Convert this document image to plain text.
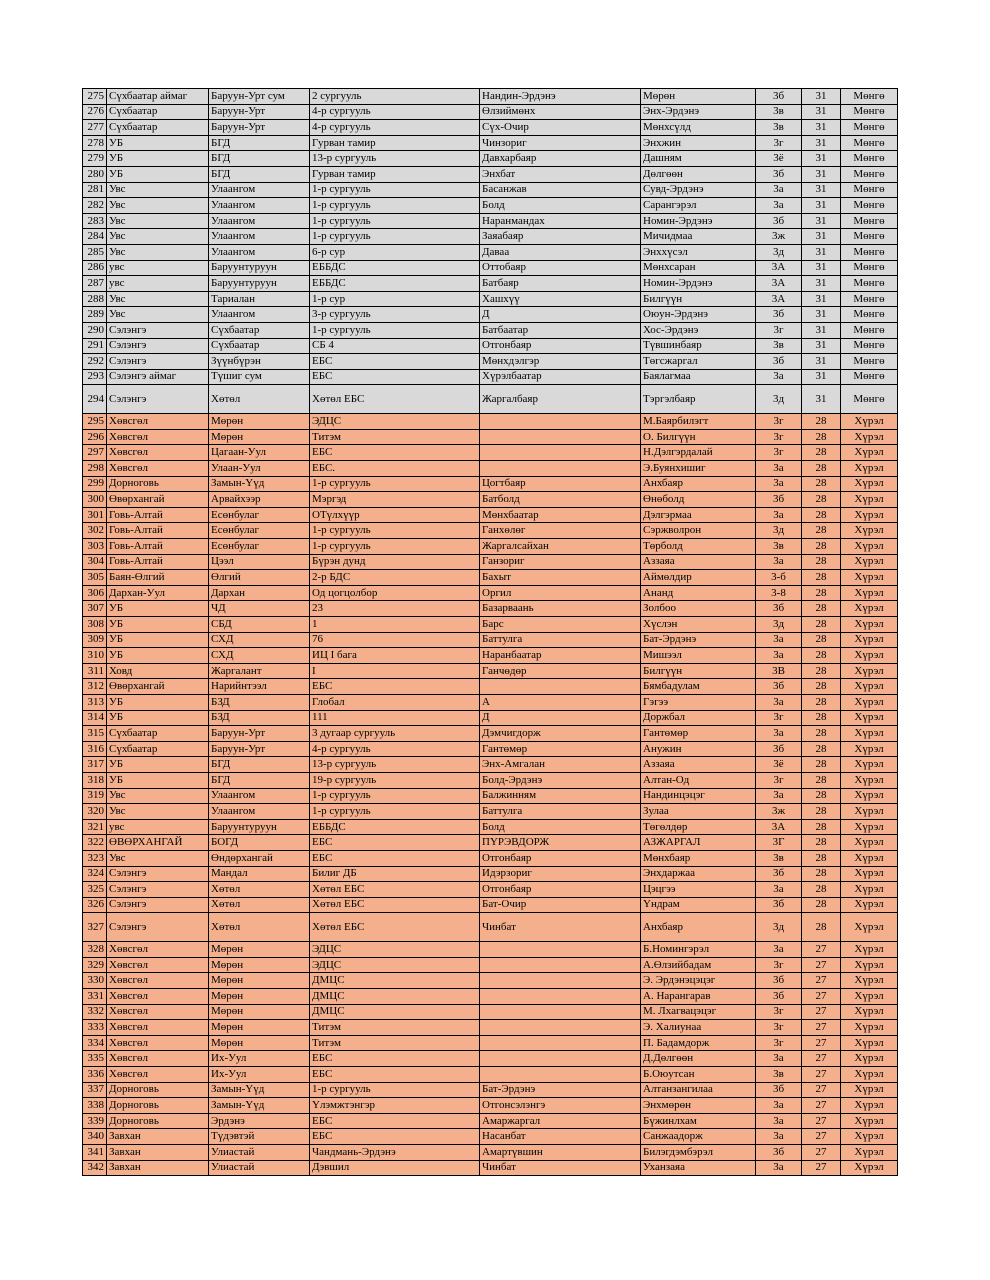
275	Сүхбаатар аймаг	Баруун-Урт сум	2 сургууль	Нандин-Эрдэнэ	Мөрөн	3б	31	Мөнгө
276	Сүхбаатар	Баруун-Урт	4-р сургууль	Өлзиймөнх	Энх-Эрдэнэ	3в	31	Мөнгө
277	Сүхбаатар	Баруун-Урт	4-р сургууль	Сүх-Очир	Мөнхсүлд	3в	31	Мөнгө
278	УБ	БГД	Гурван тамир	Чинзориг	Энхжин	3г	31	Мөнгө
279	УБ	БГД	13-р сургууль	Давхарбаяр	Дашням	3ё	31	Мөнгө
280	УБ	БГД	Гурван тамир	Энхбат	Дөлгөөн	3б	31	Мөнгө
281	Увс	Улаангом	1-р сургууль	Басанжав	Сувд-Эрдэнэ	3а	31	Мөнгө
282	Увс	Улаангом	1-р сургууль	Болд	Сарангэрэл	3а	31	Мөнгө
283	Увс	Улаангом	1-р сургууль	Наранмандах	Номин-Эрдэнэ	3б	31	Мөнгө
284	Увс	Улаангом	1-р сургууль	Заяабаяр	Мичидмаа	3ж	31	Мөнгө
285	Увс	Улаангом	6-р сур	Даваа	Энххүсэл	3д	31	Мөнгө
286	увс	Баруунтуруун	ЕББДС	Оттобаяр	Мөнхсаран	3А	31	Мөнгө
287	увс	Баруунтуруун	ЕББДС	Батбаяр	Номин-Эрдэнэ	3А	31	Мөнгө
288	Увс	Тариалан	1-р сур	Хашхүү	Билгүүн	3А	31	Мөнгө
289	Увс	Улаангом	3-р сургууль	Д	Оюун-Эрдэнэ	3б	31	Мөнгө
290	Сэлэнгэ	Сүхбаатар	1-р сургууль	Батбаатар	Хос-Эрдэнэ	3г	31	Мөнгө
291	Сэлэнгэ	Сүхбаатар	СБ 4	Отгонбаяр	Түвшинбаяр	3в	31	Мөнгө
292	Сэлэнгэ	Зүүнбүрэн	ЕБС	Мөнхдэлгэр	Төгсжаргал	3б	31	Мөнгө
293	Сэлэнгэ аймаг	Түшиг сум	ЕБС	Хүрэлбаатар	Баялагмаа	3а	31	Мөнгө
294	Сэлэнгэ	Хөтөл	Хөтөл ЕБС	Жаргалбаяр	Тэргэлбаяр	3д	31	Мөнгө
295	Хөвсгөл	Мөрөн	ЭДЦС		М.Баярбилэгт	3г	28	Хүрэл
296	Хөвсгөл	Мөрөн	Титэм		О. Билгүүн	3г	28	Хүрэл
297	Хөвсгөл	Цагаан-Уул	ЕБС		Н.Дэлгэрдалай	3г	28	Хүрэл
298	Хөвсгөл	Улаан-Уул	ЕБС.		Э.Буянхишиг	3а	28	Хүрэл
299	Дорноговь	Замын-Үүд	1-р сургууль	Цогтбаяр	Анхбаяр	3а	28	Хүрэл
300	Өвөрхангай	Арвайхээр	Мэргэд	Батболд	Өнөболд	3б	28	Хүрэл
301	Говь-Алтай	Есөнбулаг	ОТүлхүүр	Мөнхбаатар	Дэлгэрмаа	3а	28	Хүрэл
302	Говь-Алтай	Есөнбулаг	1-р сургууль	Ганхөлөг	Сэржволрон	3д	28	Хүрэл
303	Говь-Алтай	Есөнбулаг	1-р сургууль	Жаргалсайхан	Төрболд	3в	28	Хүрэл
304	Говь-Алтай	Цээл	Бүрэн дунд	Ганзориг	Аззаяа	3а	28	Хүрэл
305	Баян-Өлгий	Өлгий	2-р БДС	Бахыт	Аймөлдир	3-б	28	Хүрэл
306	Дархан-Уул	Дархан	Од цогцолбор	Оргил	Ананд	3-8	28	Хүрэл
307	УБ	ЧД	23	Базарваань	Золбоо	3б	28	Хүрэл
308	УБ	СБД	1	Барс	Хүслэн	3д	28	Хүрэл
309	УБ	СХД	76	Баттулга	Бат-Эрдэнэ	3а	28	Хүрэл
310	УБ	СХД	ИЦ I бага	Наранбаатар	Мишээл	3а	28	Хүрэл
311	Ховд	Жаргалант	I	Ганчөдөр	Билгүүн	3В	28	Хүрэл
312	Өвөрхангай	Нарийнтээл	ЕБС		Бямбадулам	3б	28	Хүрэл
313	УБ	БЗД	Глобал	А	Гэгээ	3а	28	Хүрэл
314	УБ	БЗД	111	Д	Доржбал	3г	28	Хүрэл
315	Сүхбаатар	Баруун-Урт	3 дугаар сургууль	Дэмчигдорж	Гантөмөр	3а	28	Хүрэл
316	Сүхбаатар	Баруун-Урт	4-р сургууль	Гантөмөр	Анужин	3б	28	Хүрэл
317	УБ	БГД	13-р сургууль	Энх-Амгалан	Аззаяа	3ё	28	Хүрэл
318	УБ	БГД	19-р сургууль	Болд-Эрдэнэ	Алтан-Од	3г	28	Хүрэл
319	Увс	Улаангом	1-р сургууль	Балжинням	Нандинцэцэг	3а	28	Хүрэл
320	Увс	Улаангом	1-р сургууль	Баттулга	Зулаа	3ж	28	Хүрэл
321	увс	Баруунтуруун	ЕББДС	Болд	Төгөлдөр	3А	28	Хүрэл
322	ӨВӨРХАНГАЙ	БОГД	ЕБС	ПҮРЭВДОРЖ	АЗЖАРГАЛ	3Г	28	Хүрэл
323	Увс	Өндөрхангай	ЕБС	Отгонбаяр	Мөнхбаяр	3в	28	Хүрэл
324	Сэлэнгэ	Мандал	Билиг ДБ	Идэрзориг	Энхдаржаа	3б	28	Хүрэл
325	Сэлэнгэ	Хөтөл	Хөтөл ЕБС	Отгонбаяр	Цэцгээ	3а	28	Хүрэл
326	Сэлэнгэ	Хөтөл	Хөтөл ЕБС	Бат-Очир	Үндрам	3б	28	Хүрэл
327	Сэлэнгэ	Хөтөл	Хөтөл ЕБС	Чинбат	Анхбаяр	3д	28	Хүрэл
328	Хөвсгөл	Мөрөн	ЭДЦС		Б.Номингэрэл	3а	27	Хүрэл
329	Хөвсгөл	Мөрөн	ЭДЦС		А.Өлзийбадам	3г	27	Хүрэл
330	Хөвсгөл	Мөрөн	ДМЦС		Э. Эрдэнэцэцэг	3б	27	Хүрэл
331	Хөвсгөл	Мөрөн	ДМЦС		А. Нарангарав	3б	27	Хүрэл
332	Хөвсгөл	Мөрөн	ДМЦС		М. Лхагвацэцэг	3г	27	Хүрэл
333	Хөвсгөл	Мөрөн	Титэм		Э. Халиунаа	3г	27	Хүрэл
334	Хөвсгөл	Мөрөн	Титэм		П. Бадамдорж	3г	27	Хүрэл
335	Хөвсгөл	Их-Уул	ЕБС		Д.Дөлгөөн	3а	27	Хүрэл
336	Хөвсгөл	Их-Уул	ЕБС		Б.Оюутсан	3в	27	Хүрэл
337	Дорноговь	Замын-Үүд	1-р сургууль	Бат-Эрдэнэ	Алтанзангилаа	3б	27	Хүрэл
338	Дорноговь	Замын-Үүд	Үлэмжтэнгэр	Отгонсэлэнгэ	Энхмөрөн	3а	27	Хүрэл
339	Дорноговь	Эрдэнэ	ЕБС	Амаржаргал	Бүжинлхам	3а	27	Хүрэл
340	Завхан	Түдэвтэй	ЕБС	Насанбат	Санжаадорж	3а	27	Хүрэл
341	Завхан	Улиастай	Чандмань-Эрдэнэ	Амартүвшин	Билэгдэмбэрэл	3б	27	Хүрэл
342	Завхан	Улиастай	Дэвшил	Чинбат	Уханзаяа	3а	27	Хүрэл
